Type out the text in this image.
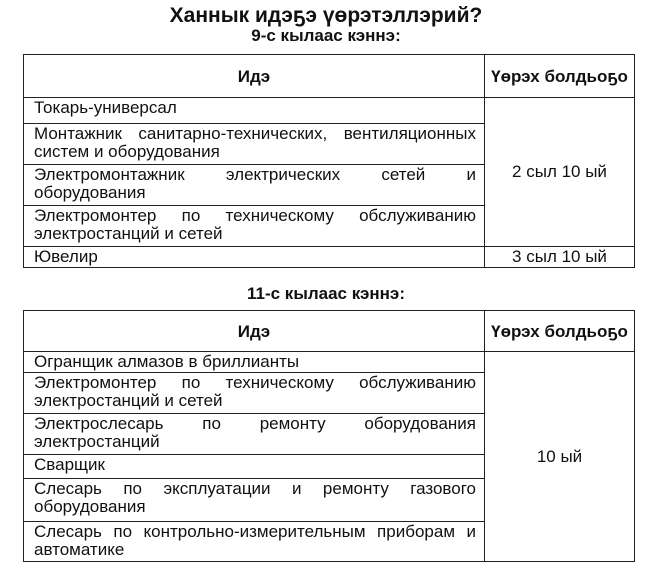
Ханнык идэҕэ үөрэтэллэрий?
9-с кылаас кэннэ:
Идэ	Үөрэх болдьоҕо
Токарь-универсал	2 сыл 10 ый
Монтажник санитарно-технических, вентиляционных систем и оборудования	
Электромонтажник электрических сетей и оборудования	
Электромонтер по техническому обслуживанию электростанций и сетей	
Ювелир	3 сыл 10 ый
11-с кылаас кэннэ:
Идэ	Үөрэх болдьоҕо
Огранщик алмазов в бриллианты	10 ый
Электромонтер по техническому обслуживанию электростанций и сетей	
Электрослесарь по ремонту оборудования электростанций	
Сварщик	
Слесарь по эксплуатации и ремонту газового оборудования	
Слесарь по контрольно-измерительным приборам и автоматике	
